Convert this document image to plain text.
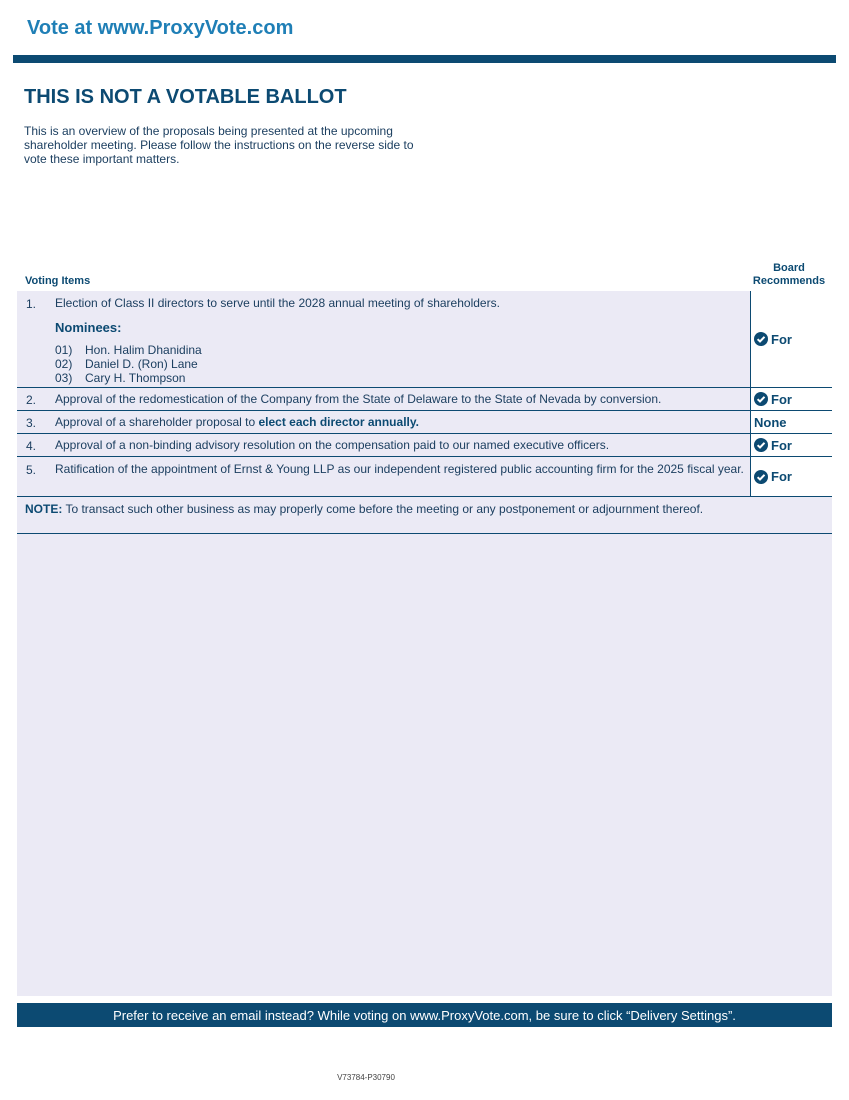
Vote at www.ProxyVote.com
THIS IS NOT A VOTABLE BALLOT

This is an overview of the proposals being presented at the upcoming shareholder meeting. Please follow the instructions on the reverse side to vote these important matters.

Voting Items
Board
Recommends
1. Election of Class II directors to serve until the 2028 annual meeting of shareholders.
Nominees:
01) Hon. Halim Dhanidina
02) Daniel D. (Ron) Lane
03) Cary H. Thompson
For
2. Approval of the redomestication of the Company from the State of Delaware to the State of Nevada by conversion.	For
3. Approval of a shareholder proposal to elect each director annually.	None
4. Approval of a non-binding advisory resolution on the compensation paid to our named executive officers.	For
5. Ratification of the appointment of Ernst & Young LLP as our independent registered public accounting firm for the 2025 fiscal year. For

NOTE: To transact such other business as may properly come before the meeting or any postponement or adjournment thereof.

Prefer to receive an email instead? While voting on www.ProxyVote.com, be sure to click “Delivery Settings”.
V73784-P30790
